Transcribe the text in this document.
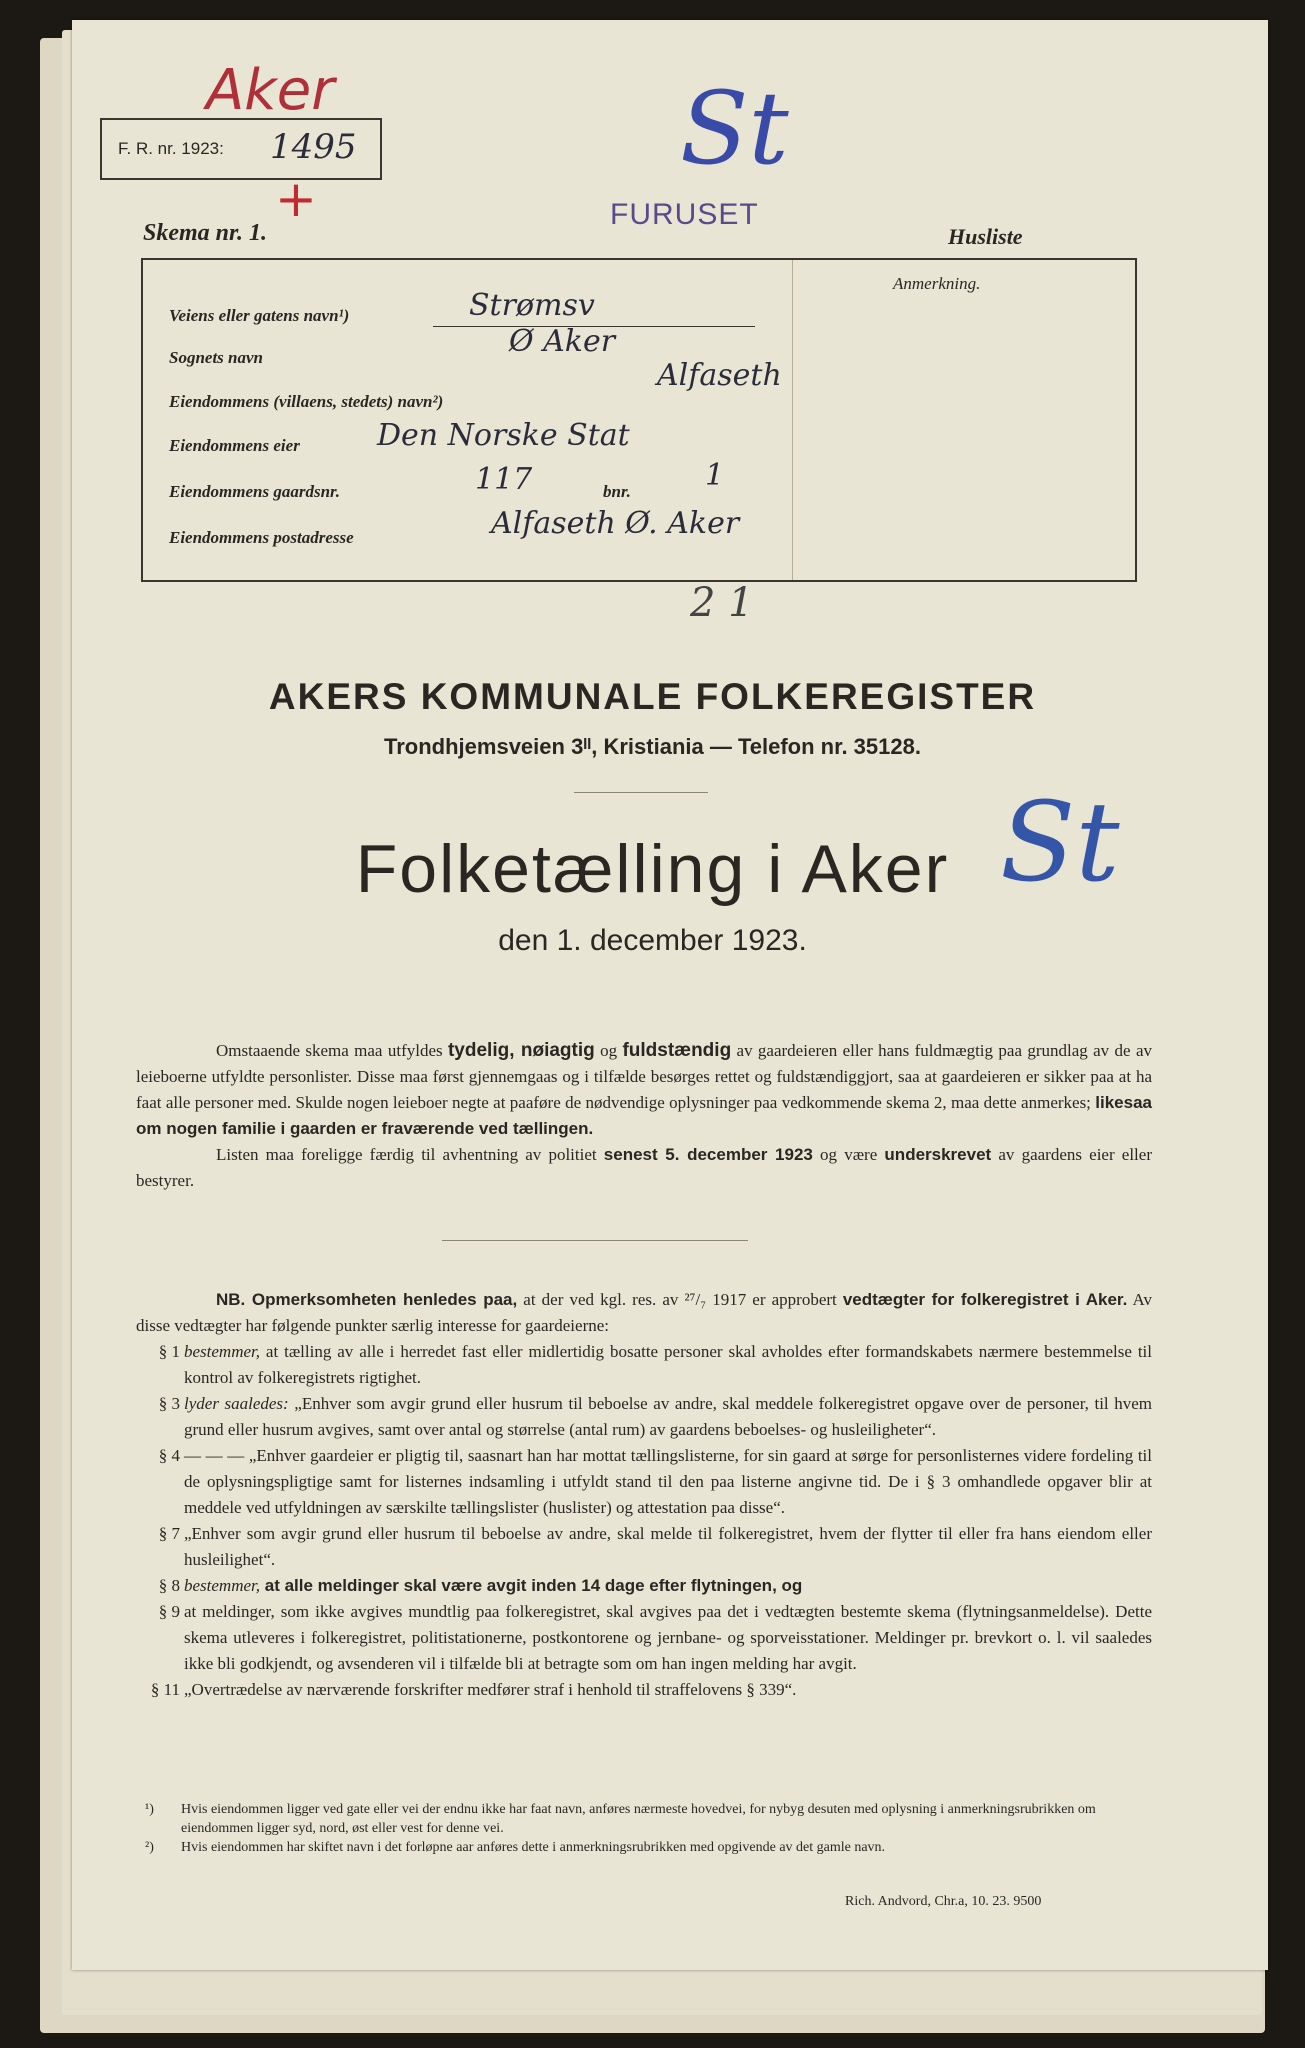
Aker
+
F. R. nr. 1923: 1495	St
FURUSET
Skema nr. 1.	Husliste
Anmerkning.
Veiens eller gatens navn¹)	Strømsv
Sognets navn	Ø Aker
Eiendommens (villaens, stedets) navn²)
Alfaseth
Eiendommens eier	Den Norske Stat
Eiendommens gaardsnr.	117	bnr. 1
Eiendommens postadresse	Alfaseth Ø. Aker
2 1
AKERS KOMMUNALE FOLKEREGISTER
Trondhjemsveien 3ᴵᴵ, Kristiania — Telefon nr. 35128.
Folketælling i Aker
den 1. december 1923.
St

Omstaaende skema maa utfyldes tydelig, nøiagtig og fuldstændig av gaardeieren eller hans fuldmægtig paa grundlag av de av leieboerne utfyldte personlister. Disse maa først gjennemgaas og i tilfælde besørges rettet og fuldstændiggjort, saa at gaardeieren er sikker paa at ha faat alle personer med. Skulde nogen leieboer negte at paaføre de nødvendige oplysninger paa vedkommende skema 2, maa dette anmerkes; likesaa om nogen familie i gaarden er fraværende ved tællingen.

Listen maa foreligge færdig til avhentning av politiet senest 5. december 1923 og være underskrevet av gaardens eier eller bestyrer.

NB. Opmerksomheten henledes paa, at der ved kgl. res. av ²⁷/₇ 1917 er approbert vedtægter for folkeregistret i Aker. Av disse vedtægter har følgende punkter særlig interesse for gaardeierne:

§ 1 bestemmer, at tælling av alle i herredet fast eller midlertidig bosatte personer skal avholdes efter formandskabets nærmere bestemmelse til kontrol av folkeregistrets rigtighet.

§ 3 lyder saaledes: „Enhver som avgir grund eller husrum til beboelse av andre, skal meddele folkeregistret opgave over de personer, til hvem grund eller husrum avgives, samt over antal og størrelse (antal rum) av gaardens beboelses- og husleiligheter“.

§ 4 — — — „Enhver gaardeier er pligtig til, saasnart han har mottat tællingslisterne, for sin gaard at sørge for personlisternes videre fordeling til de oplysningspligtige samt for listernes indsamling i utfyldt stand til den paa listerne angivne tid. De i § 3 omhandlede opgaver blir at meddele ved utfyldningen av særskilte tællingslister (huslister) og attestation paa disse“.

§ 7 „Enhver som avgir grund eller husrum til beboelse av andre, skal melde til folkeregistret, hvem der flytter til eller fra hans eiendom eller husleilighet“.

§ 8 bestemmer, at alle meldinger skal være avgit inden 14 dage efter flytningen, og

§ 9 at meldinger, som ikke avgives mundtlig paa folkeregistret, skal avgives paa det i vedtægten bestemte skema (flytningsanmeldelse). Dette skema utleveres i folkeregistret, politistationerne, postkontorene og jernbane- og sporveisstationer. Meldinger pr. brevkort o. l. vil saaledes ikke bli godkjendt, og avsenderen vil i tilfælde bli at betragte som om han ingen melding har avgit.

§ 11 „Overtrædelse av nærværende forskrifter medfører straf i henhold til straffelovens § 339“.

¹) Hvis eiendommen ligger ved gate eller vei der endnu ikke har faat navn, anføres nærmeste hovedvei, for nybyg desuten med oplysning i anmerkningsrubrikken om eiendommen ligger syd, nord, øst eller vest for denne vei.

²) Hvis eiendommen har skiftet navn i det forløpne aar anføres dette i anmerkningsrubrikken med opgivende av det gamle navn.

Rich. Andvord, Chr.a, 10. 23. 9500
